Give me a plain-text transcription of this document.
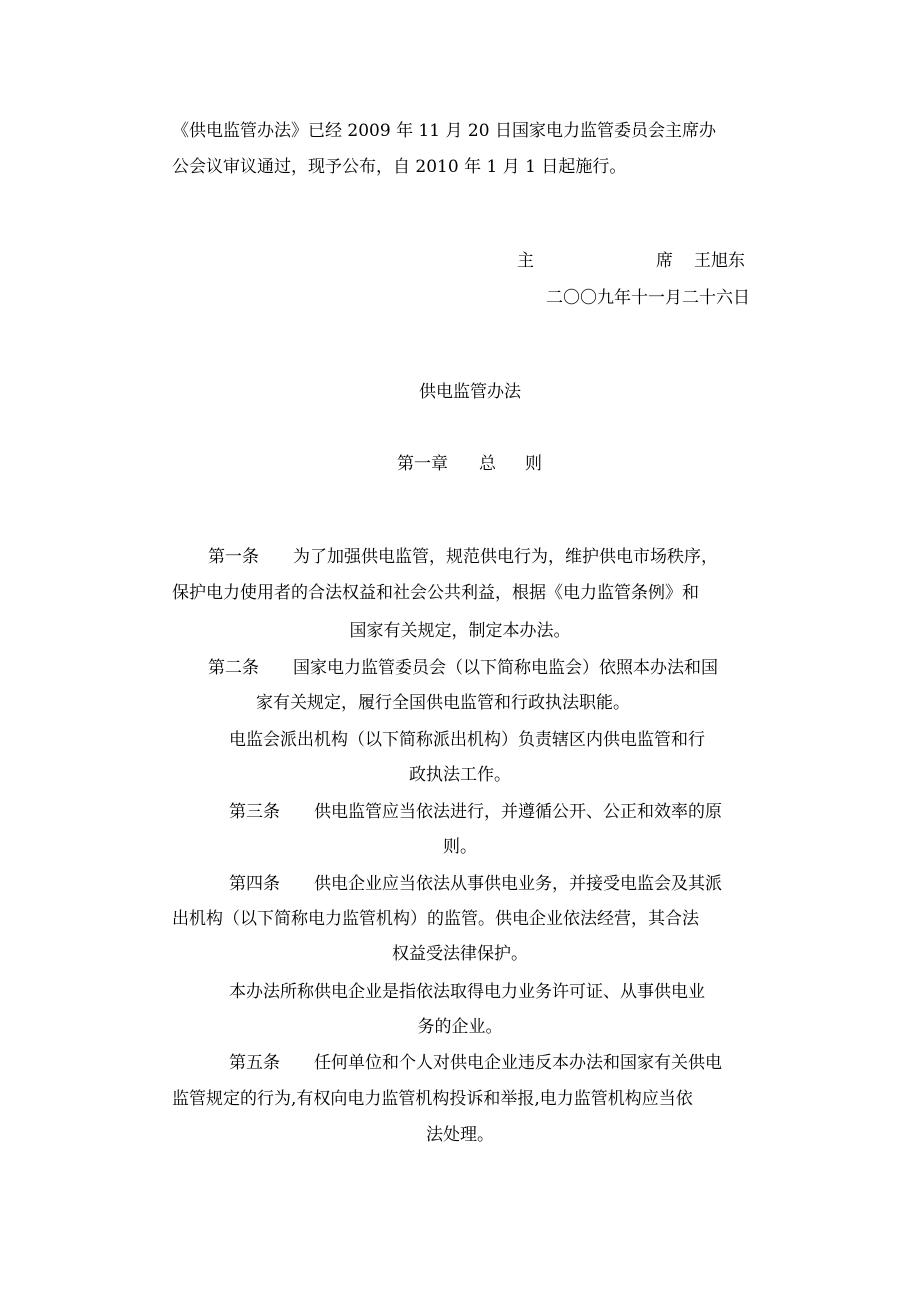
《供电监管办法》已经 2009 年 11 月 20 日国家电力监管委员会主席办
公会议审议通过，现予公布，自 2010 年 1 月 1 日起施行。
主	席 王旭东
二〇〇九年十一月二十六日
供电监管办法
第一章	总 则
第一条　　为了加强供电监管，规范供电行为，维护供电市场秩序，
保护电力使用者的合法权益和社会公共利益，根据《电力监管条例》和
国家有关规定，制定本办法。
第二条　　国家电力监管委员会（以下简称电监会）依照本办法和国
家有关规定，履行全国供电监管和行政执法职能。
电监会派出机构（以下简称派出机构）负责辖区内供电监管和行
政执法工作。
第三条　　供电监管应当依法进行，并遵循公开、公正和效率的原
则。
第四条　　供电企业应当依法从事供电业务，并接受电监会及其派
出机构（以下简称电力监管机构）的监管。供电企业依法经营，其合法
权益受法律保护。
本办法所称供电企业是指依法取得电力业务许可证、从事供电业
务的企业。
第五条　　任何单位和个人对供电企业违反本办法和国家有关供电
监管规定的行为,有权向电力监管机构投诉和举报,电力监管机构应当依
法处理。
